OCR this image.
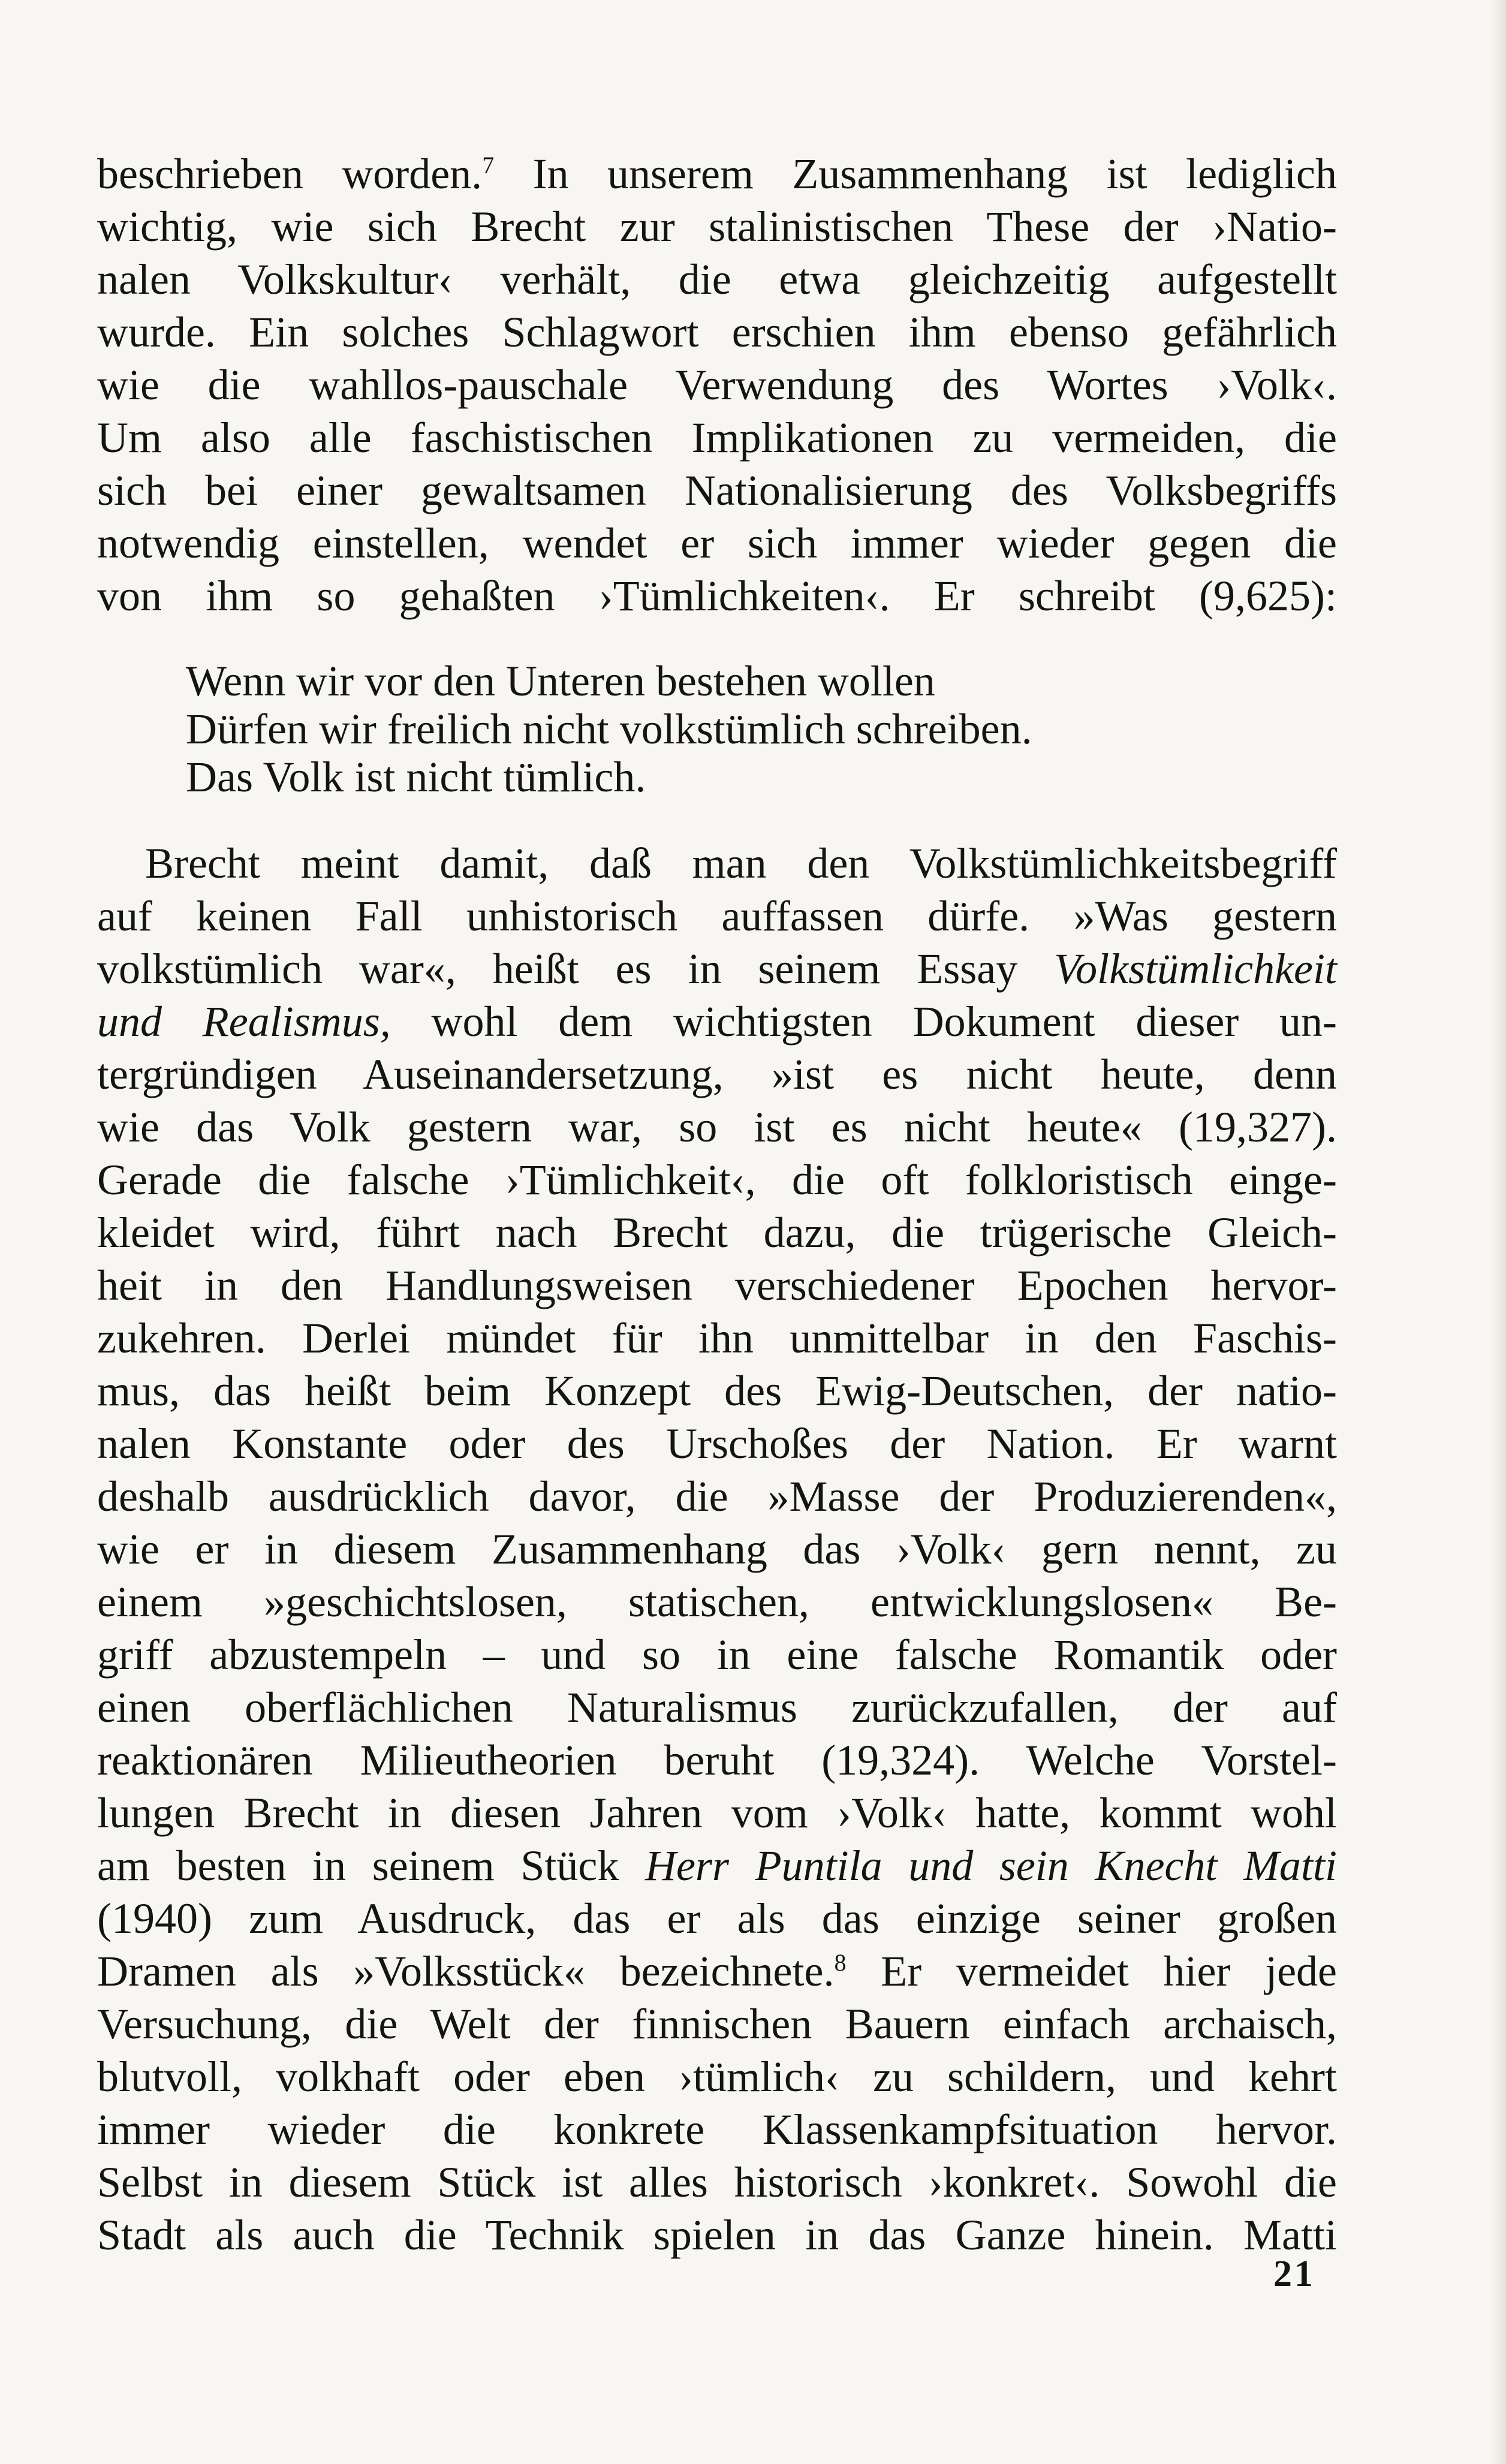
beschrieben worden.$^7$ In unserem Zusammenhang ist lediglich
wichtig, wie sich Brecht zur stalinistischen These der ›Natio-
nalen Volkskultur‹ verhält, die etwa gleichzeitig aufgestellt
wurde. Ein solches Schlagwort erschien ihm ebenso gefährlich
wie die wahllos-pauschale Verwendung des Wortes ›Volk‹.
Um also alle faschistischen Implikationen zu vermeiden, die
sich bei einer gewaltsamen Nationalisierung des Volksbegriffs
notwendig einstellen, wendet er sich immer wieder gegen die
von ihm so gehaßten ›Tümlichkeiten‹. Er schreibt (9,625):
Wenn wir vor den Unteren bestehen wollen
Dürfen wir freilich nicht volkstümlich schreiben.
Das Volk ist nicht tümlich.
Brecht meint damit, daß man den Volkstümlichkeitsbegriff
auf keinen Fall unhistorisch auffassen dürfe. »Was gestern
volkstümlich war«, heißt es in seinem Essay Volkstümlichkeit
und Realismus, wohl dem wichtigsten Dokument dieser un-
tergründigen Auseinandersetzung, »ist es nicht heute, denn
wie das Volk gestern war, so ist es nicht heute« (19,327).
Gerade die falsche ›Tümlichkeit‹, die oft folkloristisch einge-
kleidet wird, führt nach Brecht dazu, die trügerische Gleich-
heit in den Handlungsweisen verschiedener Epochen hervor-
zukehren. Derlei mündet für ihn unmittelbar in den Faschis-
mus, das heißt beim Konzept des Ewig-Deutschen, der natio-
nalen Konstante oder des Urschoßes der Nation. Er warnt
deshalb ausdrücklich davor, die »Masse der Produzierenden«,
wie er in diesem Zusammenhang das ›Volk‹ gern nennt, zu
einem »geschichtslosen, statischen, entwicklungslosen« Be-
griff abzustempeln – und so in eine falsche Romantik oder
einen oberflächlichen Naturalismus zurückzufallen, der auf
reaktionären Milieutheorien beruht (19,324). Welche Vorstel-
lungen Brecht in diesen Jahren vom ›Volk‹ hatte, kommt wohl
am besten in seinem Stück Herr Puntila und sein Knecht Matti
(1940) zum Ausdruck, das er als das einzige seiner großen
Dramen als »Volksstück« bezeichnete.$^8$ Er vermeidet hier jede
Versuchung, die Welt der finnischen Bauern einfach archaisch,
blutvoll, volkhaft oder eben ›tümlich‹ zu schildern, und kehrt
immer wieder die konkrete Klassenkampfsituation hervor.
Selbst in diesem Stück ist alles historisch ›konkret‹. Sowohl die
Stadt als auch die Technik spielen in das Ganze hinein. Matti
21
